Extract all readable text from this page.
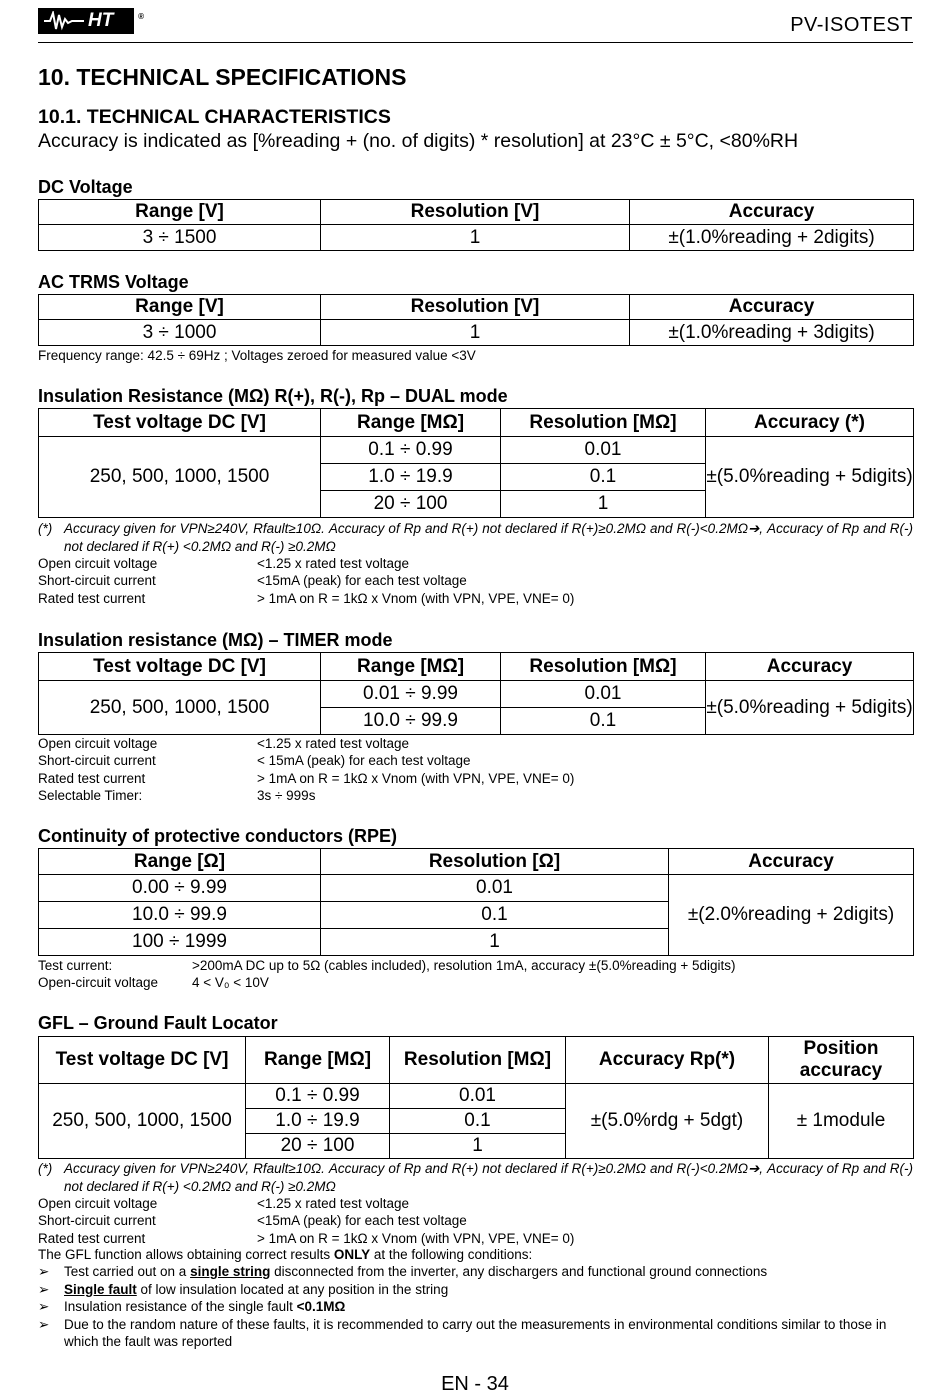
HT	®	PV-ISOTEST
10. TECHNICAL SPECIFICATIONS
10.1. TECHNICAL CHARACTERISTICS
Accuracy is indicated as [%reading + (no. of digits) * resolution] at 23°C ± 5°C, <80%RH
DC Voltage
Range [V]	Resolution [V]	Accuracy
3 ÷ 1500	1	±(1.0%reading + 2digits)
AC TRMS Voltage
Range [V]	Resolution [V]	Accuracy
3 ÷ 1000	1	±(1.0%reading + 3digits)
Frequency range: 42.5 ÷ 69Hz ; Voltages zeroed for measured value <3V
Insulation Resistance (MΩ) R(+), R(-), Rp – DUAL mode
Test voltage DC [V]	Range [MΩ]	Resolution [MΩ]	Accuracy (*)
250, 500, 1000, 1500	0.1 ÷ 0.99	0.01	±(5.0%reading + 5digits)
	1.0 ÷ 19.9	0.1	
	20 ÷ 100	1	
(*) Accuracy given for VPN≥240V, Rfault≥10Ω. Accuracy of Rp and R(+) not declared if R(+)≥0.2MΩ and R(-)<0.2MΩ➔, Accuracy of Rp and R(-) not declared if R(+) <0.2MΩ and R(-) ≥0.2MΩ
Open circuit voltage	<1.25 x rated test voltage
Short-circuit current	<15mA (peak) for each test voltage
Rated test current	> 1mA on R = 1kΩ x Vnom (with VPN, VPE, VNE= 0)
Insulation resistance (MΩ) – TIMER mode
Test voltage DC [V]	Range [MΩ]	Resolution [MΩ]	Accuracy
250, 500, 1000, 1500	0.01 ÷ 9.99	0.01	±(5.0%reading + 5digits)
	10.0 ÷ 99.9	0.1	
Open circuit voltage	<1.25 x rated test voltage
Short-circuit current	< 15mA (peak) for each test voltage
Rated test current	> 1mA on R = 1kΩ x Vnom (with VPN, VPE, VNE= 0)
Selectable Timer:	3s ÷ 999s
Continuity of protective conductors (RPE)
Range [Ω]	Resolution [Ω]	Accuracy
0.00 ÷ 9.99	0.01	±(2.0%reading + 2digits)
10.0 ÷ 99.9	0.1	
100 ÷ 1999	1	
Test current:	>200mA DC up to 5Ω (cables included), resolution 1mA, accuracy ±(5.0%reading + 5digits)
Open-circuit voltage	4 < V₀ < 10V
GFL – Ground Fault Locator
Test voltage DC [V]	Range [MΩ]	Resolution [MΩ]	Accuracy Rp(*)	Position accuracy
250, 500, 1000, 1500	0.1 ÷ 0.99	0.01	±(5.0%rdg + 5dgt)	± 1module
	1.0 ÷ 19.9	0.1		
	20 ÷ 100	1		
(*) Accuracy given for VPN≥240V, Rfault≥10Ω. Accuracy of Rp and R(+) not declared if R(+)≥0.2MΩ and R(-)<0.2MΩ➔, Accuracy of Rp and R(-) not declared if R(+) <0.2MΩ and R(-) ≥0.2MΩ
Open circuit voltage	<1.25 x rated test voltage
Short-circuit current	<15mA (peak) for each test voltage
Rated test current	> 1mA on R = 1kΩ x Vnom (with VPN, VPE, VNE= 0)
The GFL function allows obtaining correct results ONLY at the following conditions:
➢ Test carried out on a single string disconnected from the inverter, any dischargers and functional ground connections
➢ Single fault of low insulation located at any position in the string
➢ Insulation resistance of the single fault <0.1MΩ
➢ Due to the random nature of these faults, it is recommended to carry out the measurements in environmental conditions similar to those in which the fault was reported
EN - 34
